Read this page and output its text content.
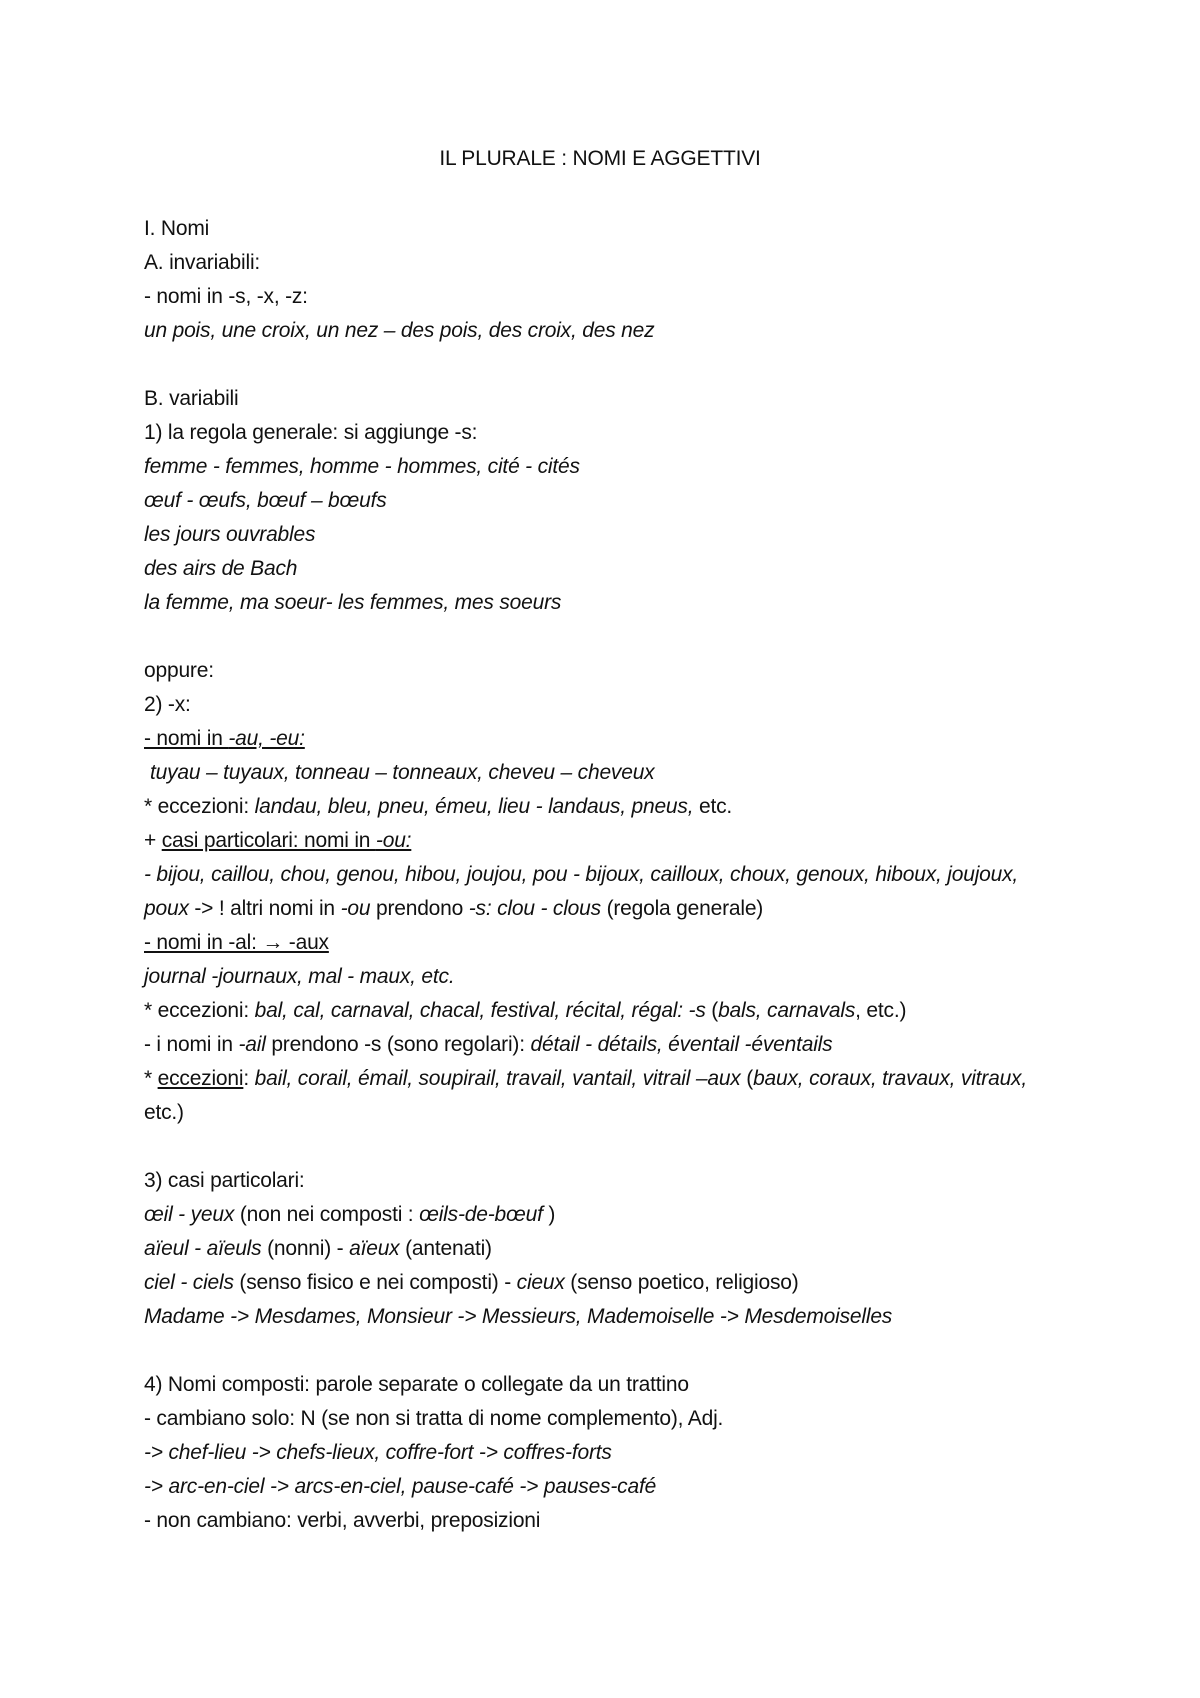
IL PLURALE : NOMI E AGGETTIVI
I. Nomi
A. invariabili:
- nomi in -s, -x, -z:
un pois, une croix, un nez – des pois, des croix, des nez
B. variabili
1) la regola generale: si aggiunge -s:
femme - femmes, homme - hommes, cité - cités
œuf - œufs, bœuf – bœufs
les jours ouvrables
des airs de Bach
la femme, ma soeur- les femmes, mes soeurs
oppure:
2) -x:
- nomi in -au, -eu:
tuyau – tuyaux, tonneau – tonneaux, cheveu – cheveux
* eccezioni: landau, bleu, pneu, émeu, lieu - landaus, pneus, etc.
+ casi particolari: nomi in -ou:
- bijou, caillou, chou, genou, hibou, joujou, pou - bijoux, cailloux, choux, genoux, hiboux, joujoux, poux -> ! altri nomi in -ou prendono -s: clou - clous (regola generale)
- nomi in -al: → -aux
journal -journaux, mal - maux, etc.
* eccezioni: bal, cal, carnaval, chacal, festival, récital, régal: -s (bals, carnavals, etc.)
- i nomi in -ail prendono -s (sono regolari): détail - détails, éventail -éventails
* eccezioni: bail, corail, émail, soupirail, travail, vantail, vitrail –aux (baux, coraux, travaux, vitraux, etc.)
3) casi particolari:
œil - yeux (non nei composti : œils-de-bœuf )
aïeul - aïeuls (nonni) - aïeux (antenati)
ciel - ciels (senso fisico e nei composti) - cieux (senso poetico, religioso)
Madame -> Mesdames, Monsieur -> Messieurs, Mademoiselle -> Mesdemoiselles
4) Nomi composti: parole separate o collegate da un trattino
- cambiano solo: N (se non si tratta di nome complemento), Adj.
-> chef-lieu -> chefs-lieux, coffre-fort -> coffres-forts
-> arc-en-ciel -> arcs-en-ciel, pause-café -> pauses-café
- non cambiano: verbi, avverbi, preposizioni
